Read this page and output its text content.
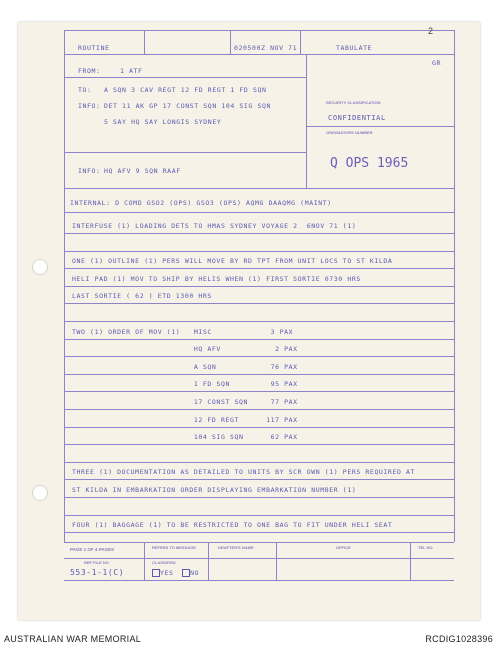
ROUTINE	020500Z NOV 71	TABULATE
GR
2
FROM:	1 ATF
TO: A SQN 3 CAV REGT 12 FD REGT 1 FD SQN
INFO: DET 11 AK GP 17 CONST SQN 104 SIG SQN
5 SAY HQ SAY LONGIS SYDNEY
SECURITY CLASSIFICATION
CONFIDENTIAL
ORIGINATORS NUMBER
Q OPS 1965
INFO: HQ AFV 9 SQN RAAF
INTERNAL: D COMD GSO2 (OPS) GSO3 (OPS) AQMG DAAQMG (MAINT)
INTERFUSE (1) LOADING DETS TO HMAS SYDNEY VOYAGE 2  6NOV 71 (1)
ONE (1) OUTLINE (1) PERS WILL MOVE BY RD TPT FROM UNIT LOCS TO ST KILDA
HELI PAD (1) MOV TO SHIP BY HELIS WHEN (1) FIRST SORTIE 0730 HRS
LAST SORTIE ( 62 ) ETD 1300 HRS
TWO (1) ORDER OF MOV (1)   MISC             3 PAX
HQ AFV            2 PAX
A SQN            76 PAX
1 FD SQN         95 PAX
17 CONST SQN     77 PAX
12 FD REGT      117 PAX
104 SIG SQN      62 PAX
THREE (1) DOCUMENTATION AS DETAILED TO UNITS BY SCR OWN (1) PERS REQUIRED AT
ST KILDA IN EMBARKATION ORDER DISPLAYING EMBARKATION NUMBER (1)
FOUR (1) BAGGAGE (1) TO BE RESTRICTED TO ONE BAG TO FIT UNDER HELI SEAT
PAGE 1 OF 4 PAGES
REF FILE NO
553-1-1(C)
REFERS TO MESSAGE
CLASSIFIED
YES	NO
DRAFTER'S NAME	OFFICE	TEL NO
AUSTRALIAN WAR MEMORIAL	RCDIG1028396
